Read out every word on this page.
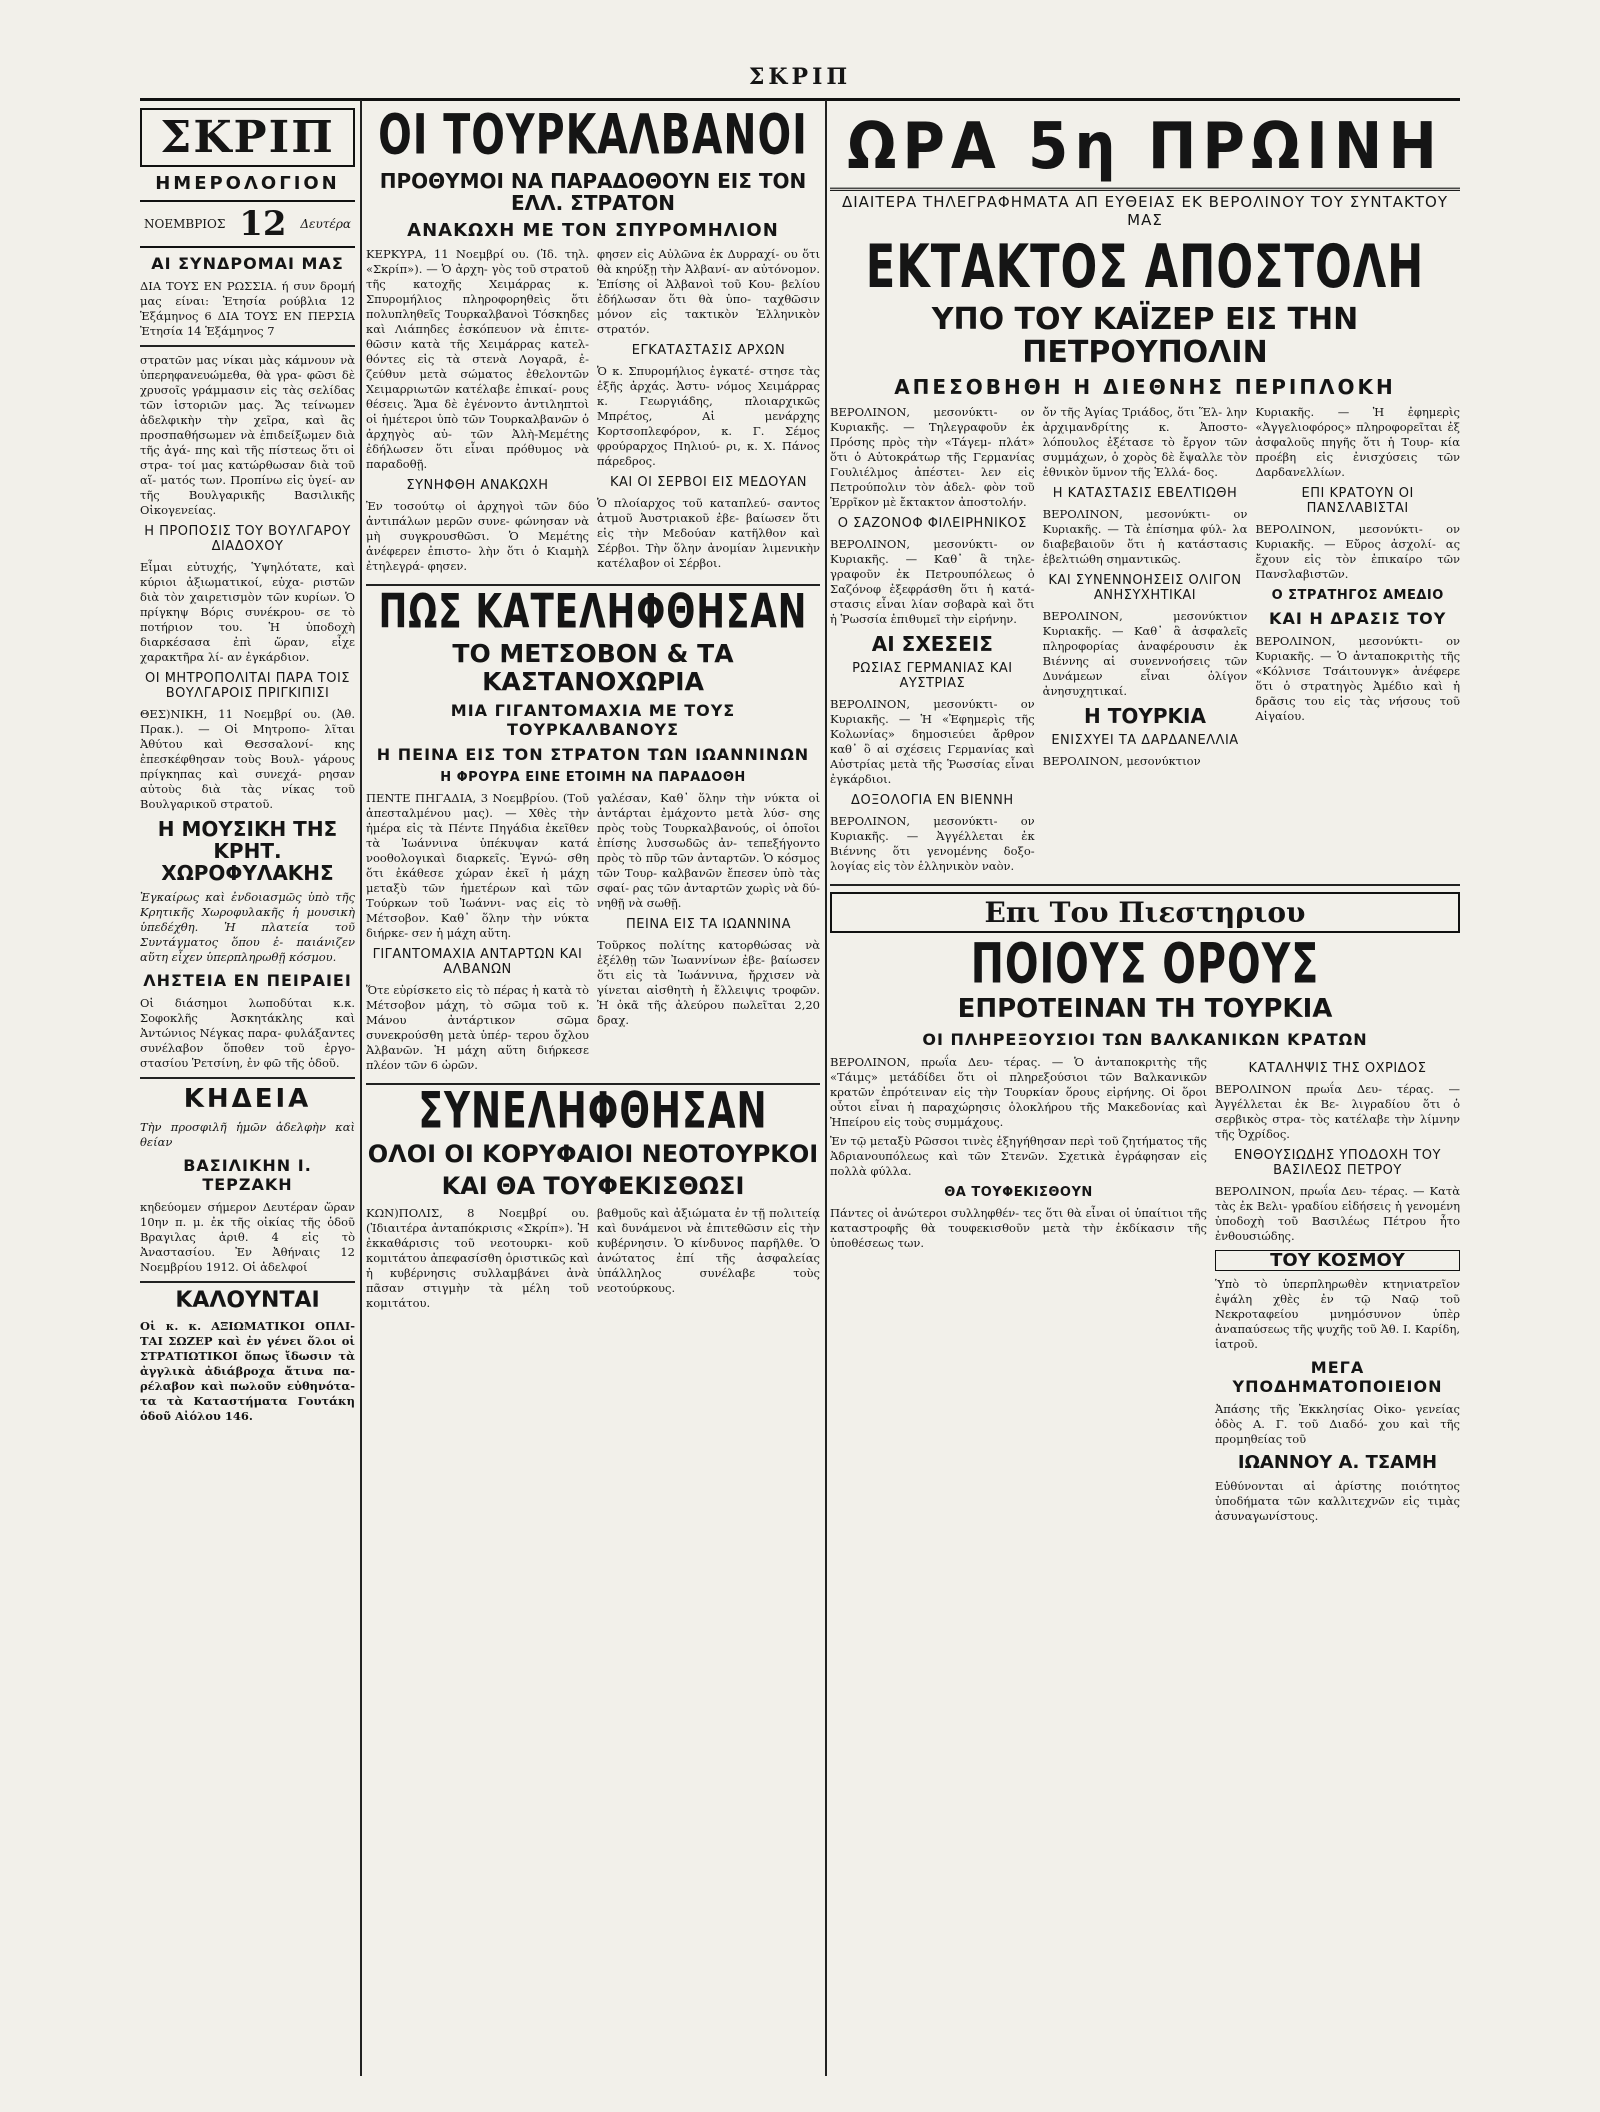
ΣΚΡΙΠ
ΣΚΡΙΠ
ΗΜΕΡΟΛΟΓΙΟΝ
ΝΟΕΜΒΡΙΟΣ 12 Δευτέρα
ΑΙ ΣΥΝΔΡΟΜΑΙ ΜΑΣ
ΔΙΑ ΤΟΥΣ ΕΝ ΡΩΣΣΙΑ. ή συν δρομή μας είναι: Ἐτησία ρούβλια 12 Ἑξάμηνος 6 ΔΙΑ ΤΟΥΣ ΕΝ ΠΕΡΣΙΑ Ἐτησία 14 Ἑξάμηνος 7
στρατῶν μας νίκαι μὰς κάμνουν νὰ ὑπερηφανευώμεθα, θὰ γρα- φῶσι δὲ χρυσοῖς γράμμασιν εἰς τὰς σελίδας τῶν ἱστοριῶν μας. Ἄς τείνωμεν ἀδελφικὴν τὴν χεῖρα, καὶ ἂς προσπαθήσωμεν νὰ ἐπιδείξωμεν διὰ τῆς ἀγά- πης καὶ τῆς πίστεως ὅτι οἱ στρα- τοί μας κατώρθωσαν διὰ τοῦ αἵ- ματός των. Προπίνω εἰς ὑγεί- αν τῆς Βουλγαρικῆς Βασιλικῆς Οἰκογενείας.
Η ΠΡΟΠΟΣΙΣ ΤΟΥ ΒΟΥΛΓΑΡΟΥ ΔΙΑΔΟΧΟΥ
Εἶμαι εὐτυχής, Ὑψηλότατε, καὶ κύριοι ἀξιωματικοί, εὐχα- ριστῶν διὰ τὸν χαιρετισμὸν τῶν κυρίων. Ὁ πρίγκηψ Βόρις συνέκρου- σε τὸ ποτήριον του. Ἡ ὑποδοχὴ διαρκέσασα ἐπὶ ὥραν, εἶχε χαρακτῆρα λί- αν ἐγκάρδιον.
ΟΙ ΜΗΤΡΟΠΟΛΙΤΑΙ ΠΑΡΑ ΤΟΙΣ ΒΟΥΛΓΑΡΟΙΣ ΠΡΙΓΚΙΠΙΣΙ
ΘΕΣ)ΝΙΚΗ, 11 Νοεμβρί ου. (Ἀθ. Πρακ.). — Οἱ Μητροπο- λῖται Ἀθύτου καὶ Θεσσαλονί- κης ἐπεσκέφθησαν τοὺς Βουλ- γάρους πρίγκηπας καὶ συνεχά- ρησαν αὐτοὺς διὰ τὰς νίκας τοῦ Βουλγαρικοῦ στρατοῦ.
Η ΜΟΥΣΙΚΗ ΤΗΣ ΚΡΗΤ. ΧΩΡΟΦΥΛΑΚΗΣ
Ἐγκαίρως καὶ ἐνδοιασμῶς ὑπὸ τῆς Κρητικῆς Χωροφυλακῆς ἡ μουσικὴ ὑπεδέχθη. Ἡ πλατεία τοῦ Συντάγματος ὅπου ἐ- παιάνιζεν αὕτη εἶχεν ὑπερπληρωθῇ κόσμου.
ΛΗΣΤΕΙΑ ΕΝ ΠΕΙΡΑΙΕΙ
Οἱ διάσημοι λωποδύται κ.κ. Σοφοκλῆς Ἀσκητάκλης καὶ Ἀντώνιος Νέγκας παρα- φυλάξαντες συνέλαβον ὅποθεν τοῦ ἐργο- στασίου Ῥετσίνη, ἐν φῶ τῆς ὁδοῦ.
ΚΗΔΕΙΑ
Τὴν προσφιλῆ ἡμῶν ἀδελφὴν καὶ θείαν
ΒΑΣΙΛΙΚΗΝ Ι. ΤΕΡΖΑΚΗ
κηδεύομεν σήμερον Δευτέραν ὥραν 10ην π. μ. ἐκ τῆς οἰκίας τῆς ὁδοῦ Βραγιλας ἀριθ. 4 εἰς τὸ Ἀναστασίου. Ἐν Ἀθήναις 12 Νοεμβρίου 1912. Οἱ ἀδελφοί
ΚΑΛΟΥΝΤΑΙ
Οἱ κ. κ. ΑΞΙΩΜΑΤΙΚΟΙ ΟΠΛΙ- ΤΑΙ ΣΩΖΕΡ καὶ ἐν γένει ὅλοι οἱ ΣΤΡΑΤΙΩΤΙΚΟΙ ὅπως ἴδωσιν τὰ ἀγγλικὰ ἀδιάβροχα ἄτινα πα- ρέλαβον καὶ πωλοῦν εὐθηνότα- τα τὰ Καταστήματα Γουτάκη ὁδοῦ Αἰόλου 146.
ΟΙ ΤΟΥΡΚΑΛΒΑΝΟΙ
ΠΡΟΘΥΜΟΙ ΝΑ ΠΑΡΑΔΟΘΟΥΝ ΕΙΣ ΤΟΝ ΕΛΛ. ΣΤΡΑΤΟΝ
ΑΝΑΚΩΧΗ ΜΕ ΤΟΝ ΣΠΥΡΟΜΗΛΙΟΝ
ΚΕΡΚΥΡΑ, 11 Νοεμβρί ου. (Ἰδ. τηλ. «Σκρίπ»). — Ὁ ἀρχη- γὸς τοῦ στρατοῦ τῆς κατοχῆς Χειμάρρας κ. Σπυρομήλιος πληροφορηθεὶς ὅτι πολυπληθεῖς Τουρκαλβανοὶ Τόσκηδες καὶ Λιάπηδες ἐσκόπευον νὰ ἐπιτε- θῶσιν κατὰ τῆς Χειμάρρας κατελ- θόντες εἰς τὰ στενὰ Λογαρᾶ, ἐ- ζεύθυν μετὰ σώματος ἐθελοντῶν Χειμαρριωτῶν κατέλαβε ἐπικαί- ρους θέσεις. Ἅμα δὲ ἐγένοντο ἀντιληπτοὶ οἱ ἡμέτεροι ὑπὸ τῶν Τουρκαλβανῶν ὁ ἀρχηγὸς αὐ- τῶν Ἀλὴ-Μεμέτης ἐδήλωσεν ὅτι εἶναι πρόθυμος νὰ παραδοθῇ.
ΣΥΝΗΦΘΗ ΑΝΑΚΩΧΗ
Ἐν τοσούτῳ οἱ ἀρχηγοὶ τῶν δύο ἀντιπάλων μερῶν συνε- φώνησαν νὰ μὴ συγκρουσθῶσι. Ὁ Μεμέτης ἀνέφερεν ἐπιστο- λὴν ὅτι ὁ Κιαμὴλ ἐτηλεγρά- φησεν.
φησεν εἰς Αὐλῶνα ἐκ Δυρραχί- ου ὅτι θὰ κηρύξῃ τὴν Ἀλβανί- αν αὐτόνομον. Ἐπίσης οἱ Ἀλβανοὶ τοῦ Κου- βελίου ἐδήλωσαν ὅτι θὰ ὑπο- ταχθῶσιν μόνον εἰς τακτικὸν Ἑλληνικὸν στρατόν.
ΕΓΚΑΤΑΣΤΑΣΙΣ ΑΡΧΩΝ
Ὁ κ. Σπυρομήλιος ἐγκατέ- στησε τὰς ἑξῆς ἀρχάς. Ἀστυ- νόμος Χειμάρρας κ. Γεωργιάδης, πλοιαρχικῶς Μπρέτος, Αἱ μενάρχης Κορτσοπλεφόρον, κ. Γ. Σέμος φρούραρχος Πηλιού- ρι, κ. Χ. Πάνος πάρεδρος.
ΚΑΙ ΟΙ ΣΕΡΒΟΙ ΕΙΣ ΜΕΔΟΥΑΝ
Ὁ πλοίαρχος τοῦ καταπλεύ- σαντος ἀτμοῦ Ἀυστριακοῦ ἐβε- βαίωσεν ὅτι εἰς τὴν Μεδούαν κατῆλθον καὶ Σέρβοι. Τὴν ὅλην ἀνομίαν λιμενικὴν κατέλαβον οἱ Σέρβοι.
ΠΩΣ ΚΑΤΕΛΗΦΘΗΣΑΝ
ΤΟ ΜΕΤΣΟΒΟΝ & ΤΑ ΚΑΣΤΑΝΟΧΩΡΙΑ
ΜΙΑ ΓΙΓΑΝΤΟΜΑΧΙΑ ΜΕ ΤΟΥΣ ΤΟΥΡΚΑΛΒΑΝΟΥΣ
Η ΠΕΙΝΑ ΕΙΣ ΤΟΝ ΣΤΡΑΤΟΝ ΤΩΝ ΙΩΑΝΝΙΝΩΝ
Η ΦΡΟΥΡΑ ΕΙΝΕ ΕΤΟΙΜΗ ΝΑ ΠΑΡΑΔΟΘΗ
ΠΕΝΤΕ ΠΗΓΑΔΙΑ, 3 Νοεμβρίου. (Τοῦ ἀπεσταλμένου μας). — Χθὲς τὴν ἡμέρα εἰς τὰ Πέντε Πηγάδια ἐκεῖθεν τὰ Ἰωάννινα ὑπέκυψαν κατά νοοθολογικαὶ διαρκεῖς. Ἐγνώ- σθη ὅτι ἐκάθεσε χώραν ἐκεῖ ἡ μάχη μεταξὺ τῶν ἡμετέρων καὶ τῶν Τούρκων τοῦ Ἰωάννι- νας εἰς τὸ Μέτσοβον. Καθ᾽ ὅλην τὴν νύκτα διήρκε- σεν ἡ μάχη αὕτη.
ΓΙΓΑΝΤΟΜΑΧΙΑ ΑΝΤΑΡΤΩΝ ΚΑΙ ΑΛΒΑΝΩΝ
Ὅτε εὑρίσκετο εἰς τὸ πέρας ἡ κατὰ τὸ Μέτσοβον μάχη, τὸ σῶμα τοῦ κ. Μάνου ἀντάρτικον σῶμα συνεκρούσθη μετὰ ὑπέρ- τερου ὄχλου Ἀλβανῶν. Ἡ μάχη αὕτη διήρκεσε πλέον τῶν 6 ὡρῶν.
γαλέσαν, Καθ᾽ ὅλην τὴν νύκτα οἱ ἀντάρται ἐμάχοντο μετὰ λύσ- σης πρὸς τοὺς Τουρκαλβανούς, οἱ ὁποῖοι ἐπίσης λυσσωδῶς ἀν- τεπεξήγοντο πρὸς τὸ πῦρ τῶν ἀνταρτῶν. Ὁ κόσμος τῶν Τουρ- καλβανῶν ἔπεσεν ὑπὸ τὰς σφαί- ρας τῶν ἀνταρτῶν χωρὶς νὰ δύ- νηθῇ νὰ σωθῇ.
ΠΕΙΝΑ ΕΙΣ ΤΑ ΙΩΑΝΝΙΝΑ
Τοῦρκος πολίτης κατορθώσας νὰ ἐξέλθῃ τῶν Ἰωαννίνων ἐβε- βαίωσεν ὅτι εἰς τὰ Ἰωάννινα, ἤρχισεν νὰ γίνεται αἰσθητὴ ἡ ἔλλειψις τροφῶν. Ἡ ὀκᾶ τῆς ἀλεύρου πωλεῖται 2,20 δραχ.
ΣΥΝΕΛΗΦΘΗΣΑΝ
ΟΛΟΙ ΟΙ ΚΟΡΥΦΑΙΟΙ ΝΕΟΤΟΥΡΚΟΙ
ΚΑΙ ΘΑ ΤΟΥΦΕΚΙΣΘΩΣΙ
ΚΩΝ)ΠΟΛΙΣ, 8 Νοεμβρί ου. (Ἰδιαιτέρα ἀνταπόκρισις «Σκρίπ»). Ἡ ἐκκαθάρισις τοῦ νεοτουρκι- κοῦ κομιτάτου ἀπεφασίσθη ὁριστικῶς καὶ ἡ κυβέρνησις συλλαμβάνει ἀνὰ πᾶσαν στιγμὴν τὰ μέλη τοῦ κομιτάτου.
βαθμοῦς καὶ ἀξιώματα ἐν τῇ πολιτείᾳ καὶ δυνάμενοι νὰ ἐπιτεθῶσιν εἰς τὴν κυβέρνησιν. Ὁ κίνδυνος παρῆλθε. Ὁ ἀνώτατος ἐπί τῆς ἀσφαλείας ὑπάλληλος συνέλαβε τοὺς νεοτούρκους.
ΩΡΑ 5η ΠΡΩΙΝΗ
ΔΙΑΙΤΕΡΑ ΤΗΛΕΓΡΑΦΗΜΑΤΑ ΑΠ ΕΥΘΕΙΑΣ ΕΚ ΒΕΡΟΛΙΝΟΥ ΤΟΥ ΣΥΝΤΑΚΤΟΥ ΜΑΣ
ΕΚΤΑΚΤΟΣ ΑΠΟΣΤΟΛΗ
ΥΠΟ ΤΟΥ ΚΑΪΖΕΡ ΕΙΣ ΤΗΝ ΠΕΤΡΟΥΠΟΛΙΝ
ΑΠΕΣΟΒΗΘΗ Η ΔΙΕΘΝΗΣ ΠΕΡΙΠΛΟΚΗ
ΒΕΡΟΛΙΝΟΝ, μεσονύκτι- ον Κυριακῆς. — Τηλεγραφοῦν ἐκ Πρόσης πρὸς τὴν «Τάγεμ- πλάτ» ὅτι ὁ Αὐτοκράτωρ τῆς Γερμανίας Γουλιέλμος ἀπέστει- λεν εἰς Πετρούπολιν τὸν ἀδελ- φὸν τοῦ Ἐρρῖκον μὲ ἔκτακτον ἀποστολήν.
Ο ΣΑΖΟΝΟΦ ΦΙΛΕΙΡΗΝΙΚΟΣ
ΒΕΡΟΛΙΝΟΝ, μεσονύκτι- ον Κυριακῆς. — Καθ᾽ ἃ τηλε- γραφοῦν ἐκ Πετρουπόλεως ὁ Σαζόνοφ ἐξεφράσθη ὅτι ἡ κατά- στασις εἶναι λίαν σοβαρὰ καὶ ὅτι ἡ Ῥωσσία ἐπιθυμεῖ τὴν εἰρήνην.
ΑΙ ΣΧΕΣΕΙΣ
ΡΩΣΙΑΣ ΓΕΡΜΑΝΙΑΣ ΚΑΙ ΑΥΣΤΡΙΑΣ
ΒΕΡΟΛΙΝΟΝ, μεσονύκτι- ον Κυριακῆς. — Ἡ «Ἐφημερὶς τῆς Κολωνίας» δημοσιεύει ἄρθρον καθ᾽ ὃ αἱ σχέσεις Γερμανίας καὶ Αὐστρίας μετὰ τῆς Ῥωσσίας εἶναι ἐγκάρδιοι.
ΔΟΞΟΛΟΓΙΑ ΕΝ ΒΙΕΝΝΗ
ΒΕΡΟΛΙΝΟΝ, μεσονύκτι- ον Κυριακῆς. — Ἀγγέλλεται ἐκ Βιέννης ὅτι γενομένης δοξο- λογίας εἰς τὸν ἑλληνικὸν ναὸν.
ὄν τῆς Ἁγίας Τριάδος, ὅτι Ἕλ- λην ἀρχιμανδρίτης κ. Ἀποστο- λόπουλος ἐξέτασε τὸ ἔργον τῶν συμμάχων, ὁ χορὸς δὲ ἔψαλλε τὸν ἐθνικὸν ὕμνον τῆς Ἑλλά- δος.
Η ΚΑΤΑΣΤΑΣΙΣ ΕΒΕΛΤΙΩΘΗ
ΒΕΡΟΛΙΝΟΝ, μεσονύκτι- ον Κυριακῆς. — Τὰ ἐπίσημα φύλ- λα διαβεβαιοῦν ὅτι ἡ κατάστασις ἐβελτιώθη σημαντικῶς.
ΚΑΙ ΣΥΝΕΝΝΟΗΣΕΙΣ ΟΛΙΓΟΝ ΑΝΗΣΥΧΗΤΙΚΑΙ
ΒΕΡΟΛΙΝΟΝ, μεσονύκτιον Κυριακῆς. — Καθ᾽ ἃ ἀσφαλεῖς πληροφορίας ἀναφέρουσιν ἐκ Βιέννης αἱ συνεννοήσεις τῶν Δυνάμεων εἶναι ὀλίγον ἀνησυχητικαί.
Η ΤΟΥΡΚΙΑ
ΕΝΙΣΧΥΕΙ ΤΑ ΔΑΡΔΑΝΕΛΛΙΑ
ΒΕΡΟΛΙΝΟΝ, μεσονύκτιον
Κυριακῆς. — Ἡ ἐφημερὶς «Ἀγγελιοφόρος» πληροφορεῖται ἐξ ἀσφαλοῦς πηγῆς ὅτι ἡ Τουρ- κία προέβη εἰς ἐνισχύσεις τῶν Δαρδανελλίων.
ΕΠΙ ΚΡΑΤΟΥΝ ΟΙ ΠΑΝΣΛΑΒΙΣΤΑΙ
ΒΕΡΟΛΙΝΟΝ, μεσονύκτι- ον Κυριακῆς. — Εὔρος ἀσχολί- ας ἔχουν εἰς τὸν ἐπικαίρο τῶν Πανσλαβιστῶν.
Ο ΣΤΡΑΤΗΓΟΣ ΑΜΕΔΙΟ
ΚΑΙ Η ΔΡΑΣΙΣ ΤΟΥ
ΒΕΡΟΛΙΝΟΝ, μεσονύκτι- ον Κυριακῆς. — Ὁ ἀνταποκριτὴς τῆς «Κόλνισε Τσάιτουνγκ» ἀνέφερε ὅτι ὁ στρατηγὸς Ἀμέδιο καὶ ἡ δρᾶσις του εἰς τὰς νήσους τοῦ Αἰγαίου.
Επι Του Πιεστηριου
ΠΟΙΟΥΣ ΟΡΟΥΣ
ΕΠΡΟΤΕΙΝΑΝ ΤΗ ΤΟΥΡΚΙΑ
ΟΙ ΠΛΗΡΕΞΟΥΣΙΟΙ ΤΩΝ ΒΑΛΚΑΝΙΚΩΝ ΚΡΑΤΩΝ
ΒΕΡΟΛΙΝΟΝ, πρωΐα Δευ- τέρας. — Ὁ ἀνταποκριτὴς τῆς «Τάιμς» μετάδίδει ὅτι οἱ πληρεξούσιοι τῶν Βαλκανικῶν κρατῶν ἐπρότειναν εἰς τὴν Τουρκίαν ὅρους εἰρήνης. Οἱ ὅροι οὗτοι εἶναι ἡ παραχώρησις ὁλοκλήρου τῆς Μακεδονίας καὶ Ἠπείρου εἰς τοὺς συμμάχους.
Ἐν τῷ μεταξὺ Ρῶσσοι τινὲς ἐξηγήθησαν περὶ τοῦ ζητήματος τῆς Ἀδριανουπόλεως καὶ τῶν Στενῶν. Σχετικὰ ἐγράφησαν εἰς πολλὰ φύλλα.
ΘΑ ΤΟΥΦΕΚΙΣΘΟΥΝ
Πάντες οἱ ἀνώτεροι συλληφθέν- τες ὅτι θὰ εἶναι οἱ ὑπαίτιοι τῆς καταστροφῆς θὰ τουφεκισθοῦν μετὰ τὴν ἐκδίκασιν τῆς ὑποθέσεως των.
ΚΑΤΑΛΗΨΙΣ ΤΗΣ ΟΧΡΙΔΟΣ
ΒΕΡΟΛΙΝΟΝ πρωΐα Δευ- τέρας. — Ἀγγέλλεται ἐκ Βε- λιγραδίου ὅτι ὁ σερβικὸς στρα- τὸς κατέλαβε τὴν λίμνην τῆς Ὀχρίδος.
ΕΝΘΟΥΣΙΩΔΗΣ ΥΠΟΔΟΧΗ ΤΟΥ ΒΑΣΙΛΕΩΣ ΠΕΤΡΟΥ
ΒΕΡΟΛΙΝΟΝ, πρωΐα Δευ- τέρας. — Κατὰ τὰς ἐκ Βελι- γραδίου εἰδήσεις ἡ γενομένη ὑποδοχὴ τοῦ Βασιλέως Πέτρου ἦτο ἐνθουσιώδης.
ΤΟΥ ΚΟΣΜΟΥ
Ὑπὸ τὸ ὑπερπληρωθὲν κτηνιατρεῖον ἐψάλη χθὲς ἐν τῷ Ναῷ τοῦ Νεκροταφείου μνημόσυνον ὑπὲρ ἀναπαύσεως τῆς ψυχῆς τοῦ Ἀθ. Ι. Καρίδη, ἰατροῦ.
ΜΕΓΑ ΥΠΟΔΗΜΑΤΟΠΟΙΕΙΟΝ
Ἀπάσης τῆς Ἐκκλησίας Οἰκο- γενείας ὁδὸς Α. Γ. τοῦ Διαδό- χου καὶ τῆς προμηθείας τοῦ
ΙΩΑΝΝΟΥ Α. ΤΣΑΜΗ
Εὐθύνονται αἱ ἀρίστης ποιότητος ὑποδήματα τῶν καλλιτεχνῶν εἰς τιμὰς ἀσυναγωνίστους.
